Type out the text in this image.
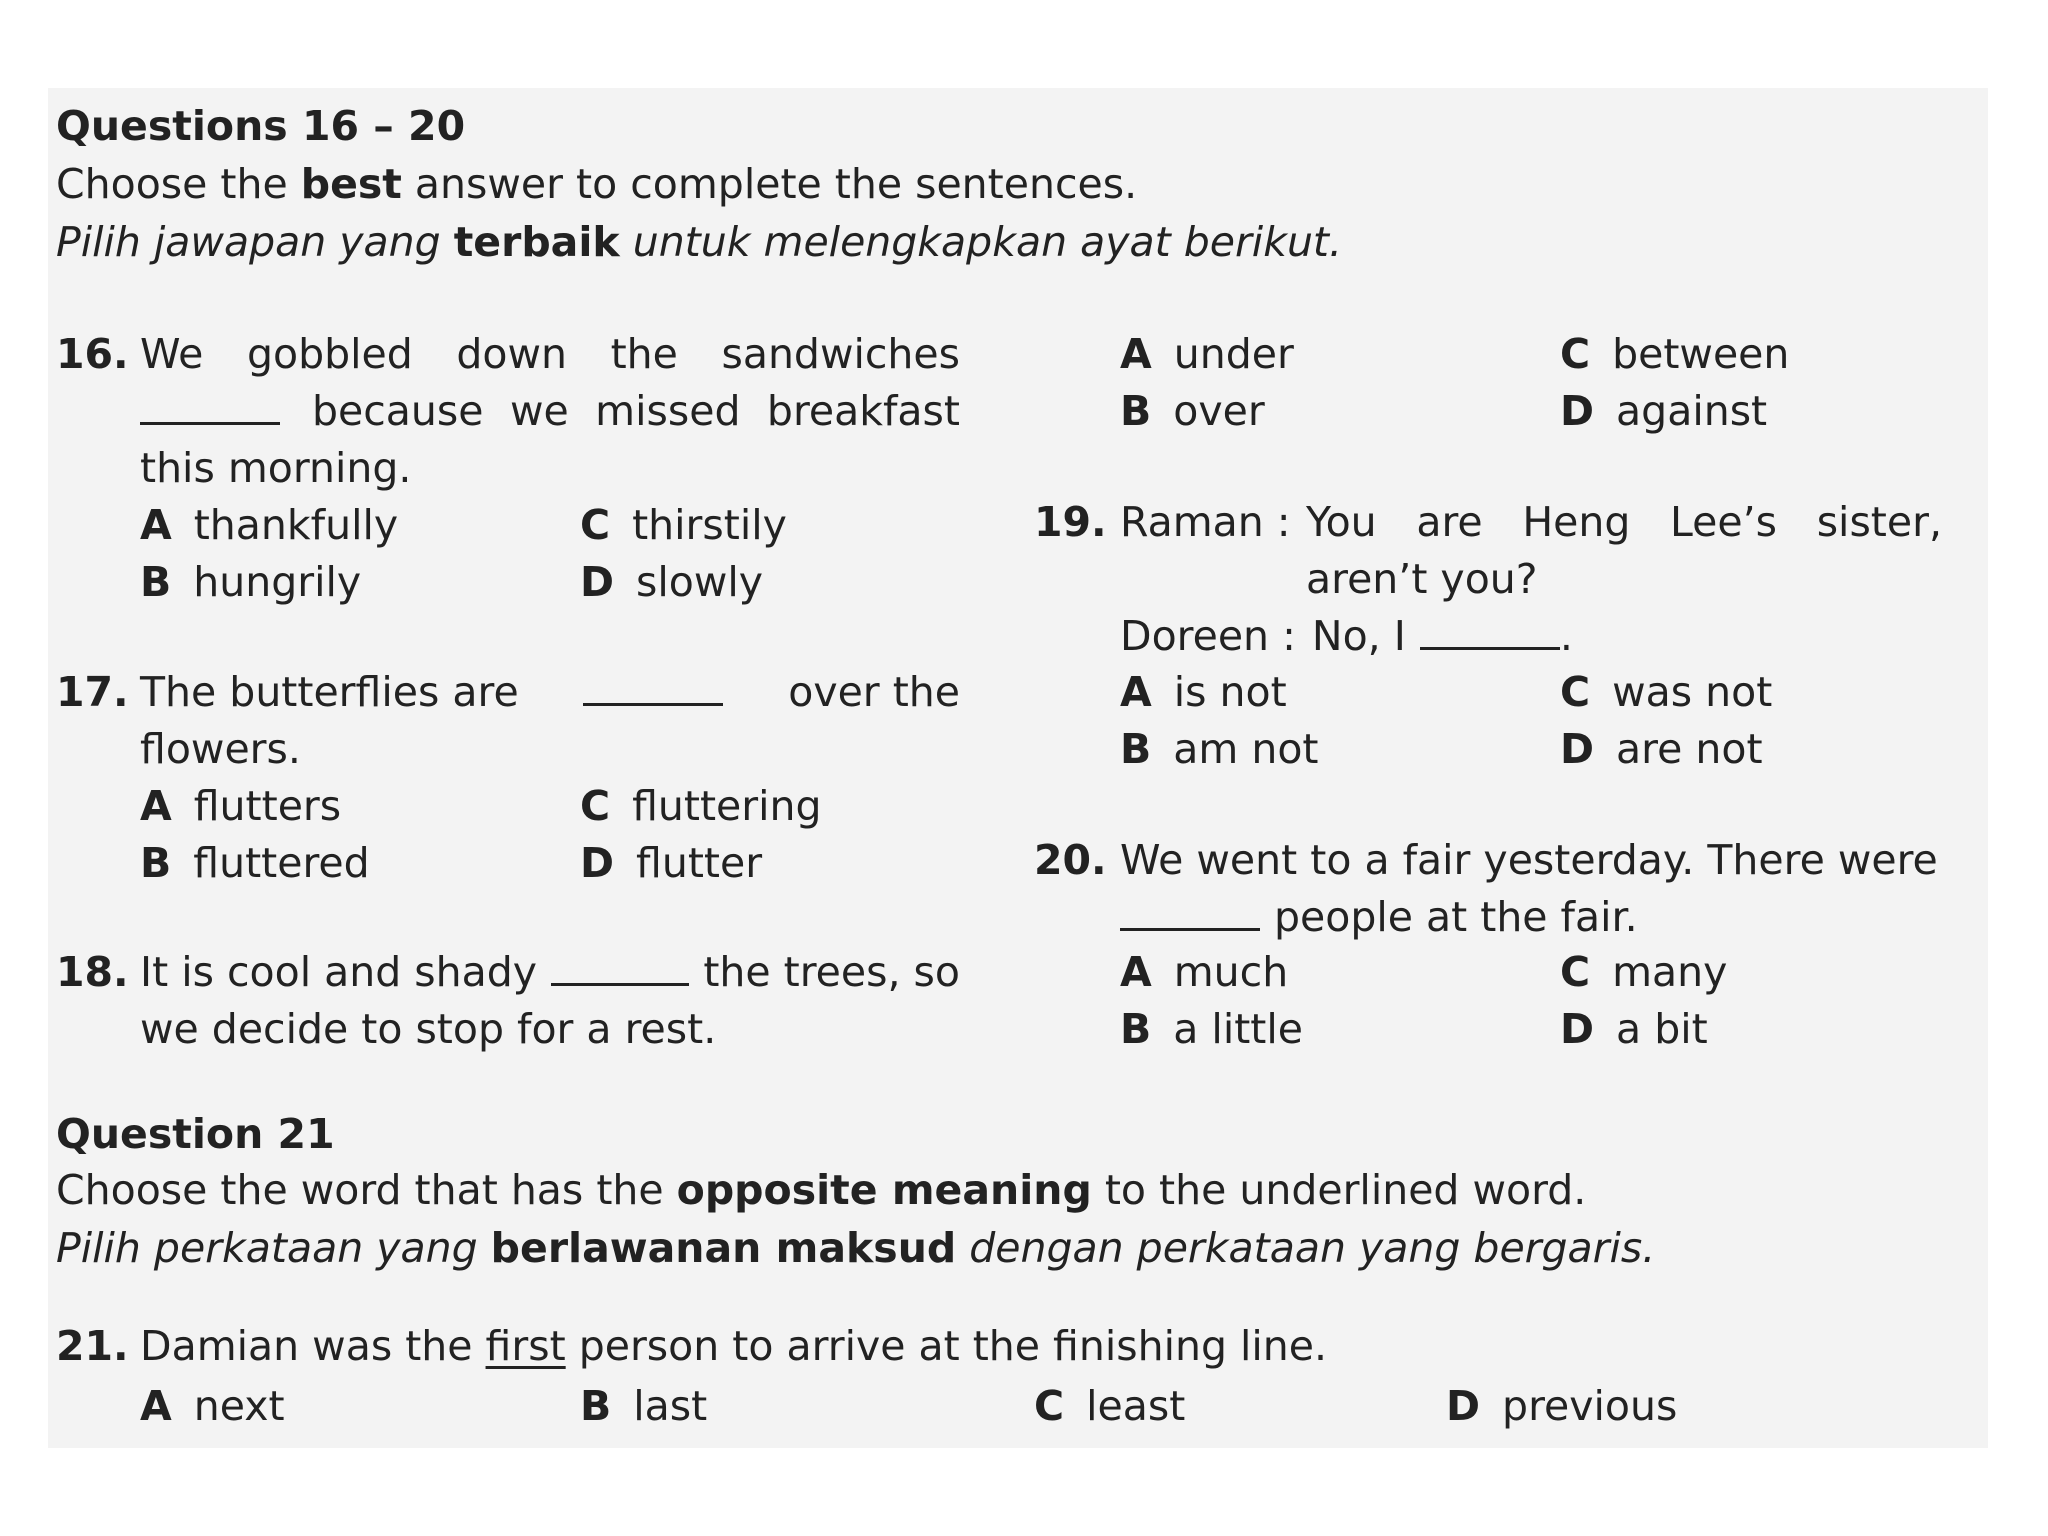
Questions 16 – 20
Choose the best answer to complete the sentences.
Pilih jawapan yang terbaik untuk melengkapkan ayat berikut.
16. We gobbled down the sandwiches
because we missed breakfast
this morning.
A thankfully	C thirstily
B hungrily	D slowly
17. The butterflies are	over the
flowers.
A flutters	C fluttering
B fluttered	D flutter
18. It is cool and shady	the trees, so
we decide to stop for a rest.
A under	C between
B over	D against
19. Raman : You are Heng Lee’s sister,
aren’t you?
Doreen : No, I	.
A is not	C was not
B am not	D are not
20. We went to a fair yesterday. There were
people at the fair.
A much	C many
B a little	D a bit
Question 21
Choose the word that has the opposite meaning to the underlined word.
Pilih perkataan yang berlawanan maksud dengan perkataan yang bergaris.
21. Damian was the first person to arrive at the finishing line.
A next	B last	C least	D previous
